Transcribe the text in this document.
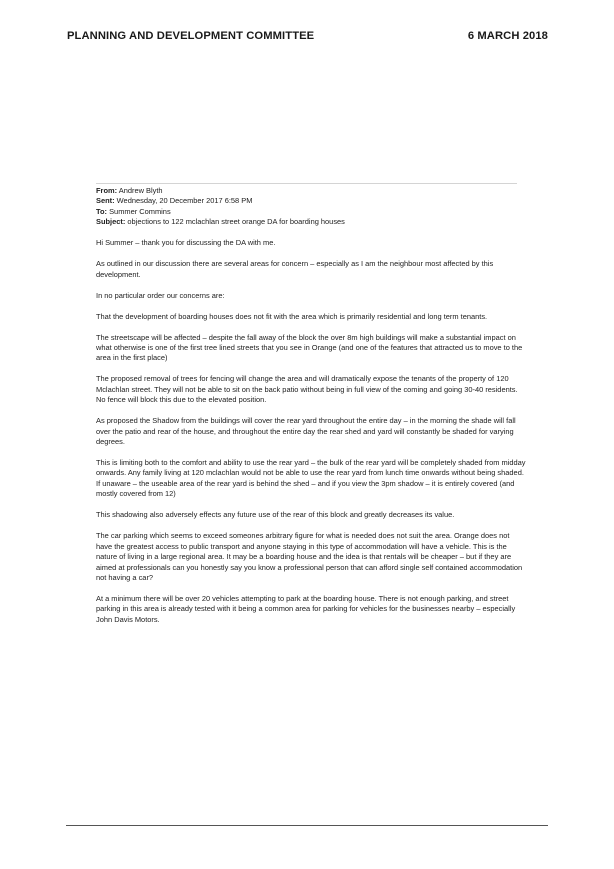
PLANNING AND DEVELOPMENT COMMITTEE	6 MARCH 2018
From: Andrew Blyth
Sent: Wednesday, 20 December 2017 6:58 PM
To: Summer Commins
Subject: objections to 122 mclachlan street orange DA for boarding houses

Hi Summer – thank you for discussing the DA with me.

As outlined in our discussion there are several areas for concern – especially as I am the neighbour most affected by this development.

In no particular order our concerns are:

That the development of boarding houses does not fit with the area which is primarily residential and long term tenants.

The streetscape will be affected – despite the fall away of the block the over 8m high buildings will make a substantial impact on what otherwise is one of the first tree lined streets that you see in Orange (and one of the features that attracted us to move to the area in the first place)

The proposed removal of trees for fencing will change the area and will dramatically expose the tenants of the property of 120 Mclachlan street. They will not be able to sit on the back patio without being in full view of the coming and going 30-40 residents. No fence will block this due to the elevated position.

As proposed the Shadow from the buildings will cover the rear yard throughout the entire day – in the morning the shade will fall over the patio and rear of the house, and throughout the entire day the rear shed and yard will constantly be shaded for varying degrees.

This is limiting both to the comfort and ability to use the rear yard – the bulk of the rear yard will be completely shaded from midday onwards. Any family living at 120 mclachlan would not be able to use the rear yard from lunch time onwards without being shaded. If unaware – the useable area of the rear yard is behind the shed – and if you view the 3pm shadow – it is entirely covered (and mostly covered from 12)

This shadowing also adversely effects any future use of the rear of this block and greatly decreases its value.

The car parking which seems to exceed someones arbitrary figure for what is needed does not suit the area. Orange does not have the greatest access to public transport and anyone staying in this type of accommodation will have a vehicle. This is the nature of living in a large regional area. It may be a boarding house and the idea is that rentals will be cheaper – but if they are aimed at professionals can you honestly say you know a professional person that can afford single self contained accommodation not having a car?

At a minimum there will be over 20 vehicles attempting to park at the boarding house. There is not enough parking, and street parking in this area is already tested with it being a common area for parking for vehicles for the businesses nearby – especially John Davis Motors.
